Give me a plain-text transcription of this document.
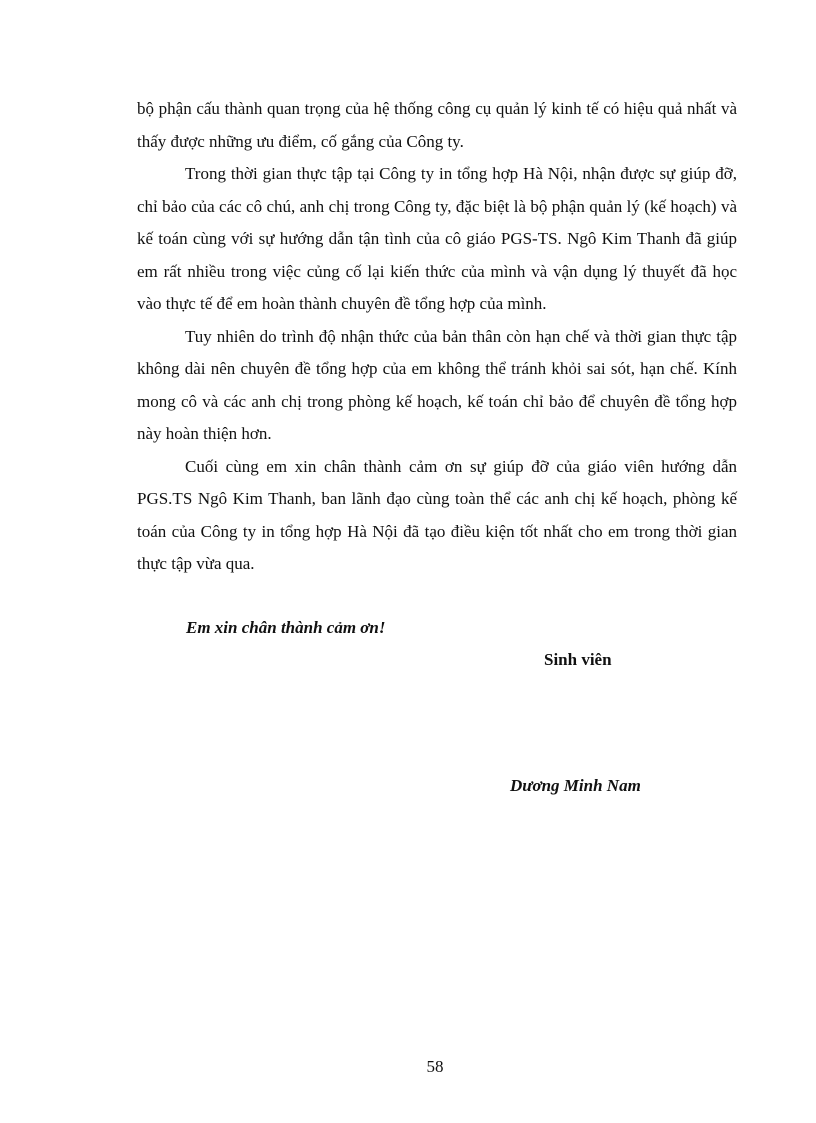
bộ phận cấu thành quan trọng của hệ thống công cụ quản lý kinh tế có hiệu quả nhất và thấy được những ưu điểm, cố gắng của Công ty.

Trong thời gian thực tập tại Công ty in tổng hợp Hà Nội, nhận được sự giúp đỡ, chỉ bảo của các cô chú, anh chị trong Công ty, đặc biệt là bộ phận quản lý (kế hoạch) và kế toán cùng với sự hướng dẫn tận tình của cô giáo PGS-TS. Ngô Kim Thanh đã giúp em rất nhiều trong việc củng cố lại kiến thức của mình và vận dụng lý thuyết đã học vào thực tế để em hoàn thành chuyên đề tổng hợp của mình.

Tuy nhiên do trình độ nhận thức của bản thân còn hạn chế và thời gian thực tập không dài nên chuyên đề tổng hợp của em không thể tránh khỏi sai sót, hạn chế. Kính mong cô và các anh chị trong phòng kế hoạch, kế toán chỉ bảo để chuyên đề tổng hợp này hoàn thiện hơn.

Cuối cùng em xin chân thành cảm ơn sự giúp đỡ của giáo viên hướng dẫn PGS.TS Ngô Kim Thanh, ban lãnh đạo cùng toàn thể các anh chị kế hoạch, phòng kế toán của Công ty in tổng hợp Hà Nội đã tạo điều kiện tốt nhất cho em trong thời gian thực tập vừa qua.

Em xin chân thành cảm ơn!
Sinh viên
Dương Minh Nam
58
